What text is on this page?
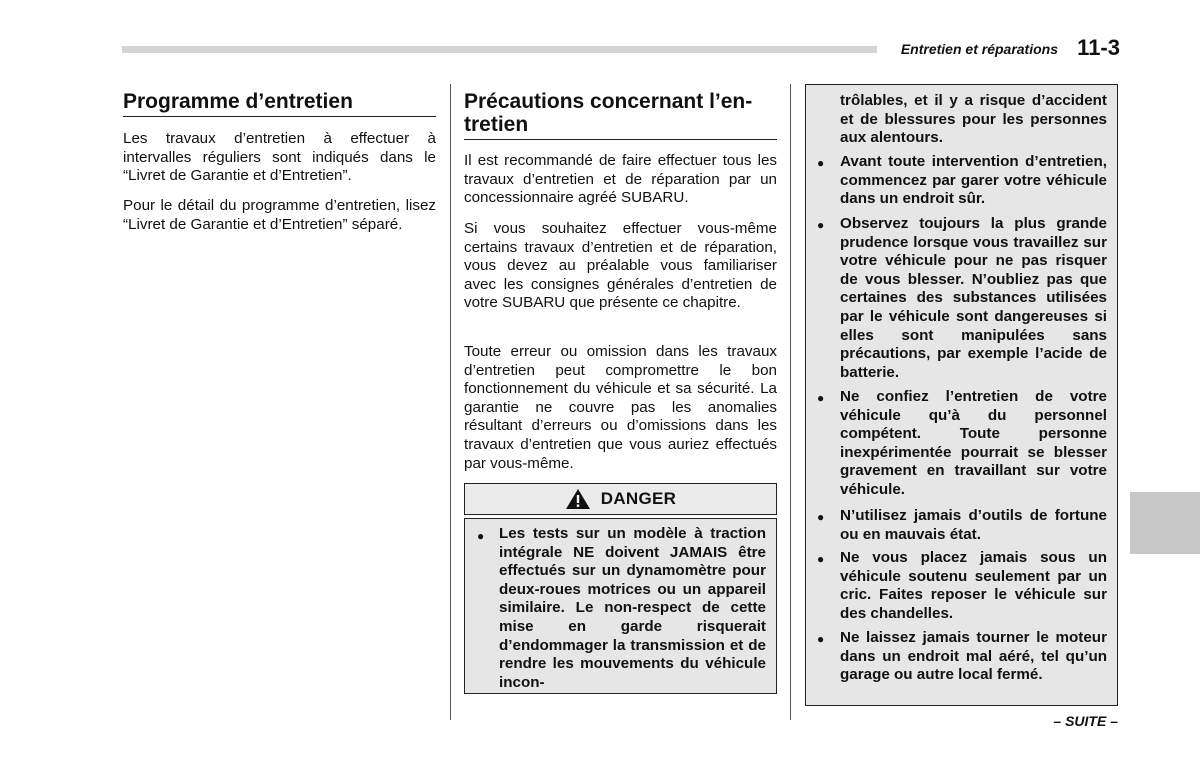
Entretien et réparations 11-3
Programme d’entretien

Les travaux d’entretien à effectuer à intervalles réguliers sont indiqués dans le “Livret de Garantie et d’Entretien”.

Pour le détail du programme d’entretien, lisez “Livret de Garantie et d’Entretien” séparé.

Précautions concernant l’en-
tretien

Il est recommandé de faire effectuer tous les travaux d’entretien et de réparation par un concessionnaire agréé SUBARU.

Si vous souhaitez effectuer vous-même certains travaux d’entretien et de réparation, vous devez au préalable vous familiariser avec les consignes générales d’entretien de votre SUBARU que présente ce chapitre.

Toute erreur ou omission dans les travaux d’entretien peut compromettre le bon fonctionnement du véhicule et sa sécurité. La garantie ne couvre pas les anomalies résultant d’erreurs ou d’omissions dans les travaux d’entretien que vous auriez effectués par vous-même.

DANGER
● Les tests sur un modèle à traction intégrale NE doivent JAMAIS être effectués sur un dynamomètre pour deux-roues motrices ou un appareil similaire. Le non-respect de cette mise en garde risquerait d’endommager la transmission et de rendre les mouvements du véhicule incon-

trôlables, et il y a risque d’accident et de blessures pour les personnes aux alentours.

● Avant toute intervention d’entretien, commencez par garer votre véhicule dans un endroit sûr.

● Observez toujours la plus grande prudence lorsque vous travaillez sur votre véhicule pour ne pas risquer de vous blesser. N’oubliez pas que certaines des substances utilisées par le véhicule sont dangereuses si elles sont manipulées sans précautions, par exemple l’acide de batterie.

● Ne confiez l’entretien de votre véhicule qu’à du personnel compétent. Toute personne inexpérimentée pourrait se blesser gravement en travaillant sur votre véhicule.

● N’utilisez jamais d’outils de fortune ou en mauvais état.

● Ne vous placez jamais sous un véhicule soutenu seulement par un cric. Faites reposer le véhicule sur des chandelles.

● Ne laissez jamais tourner le moteur dans un endroit mal aéré, tel qu’un garage ou autre local fermé.

– SUITE –
